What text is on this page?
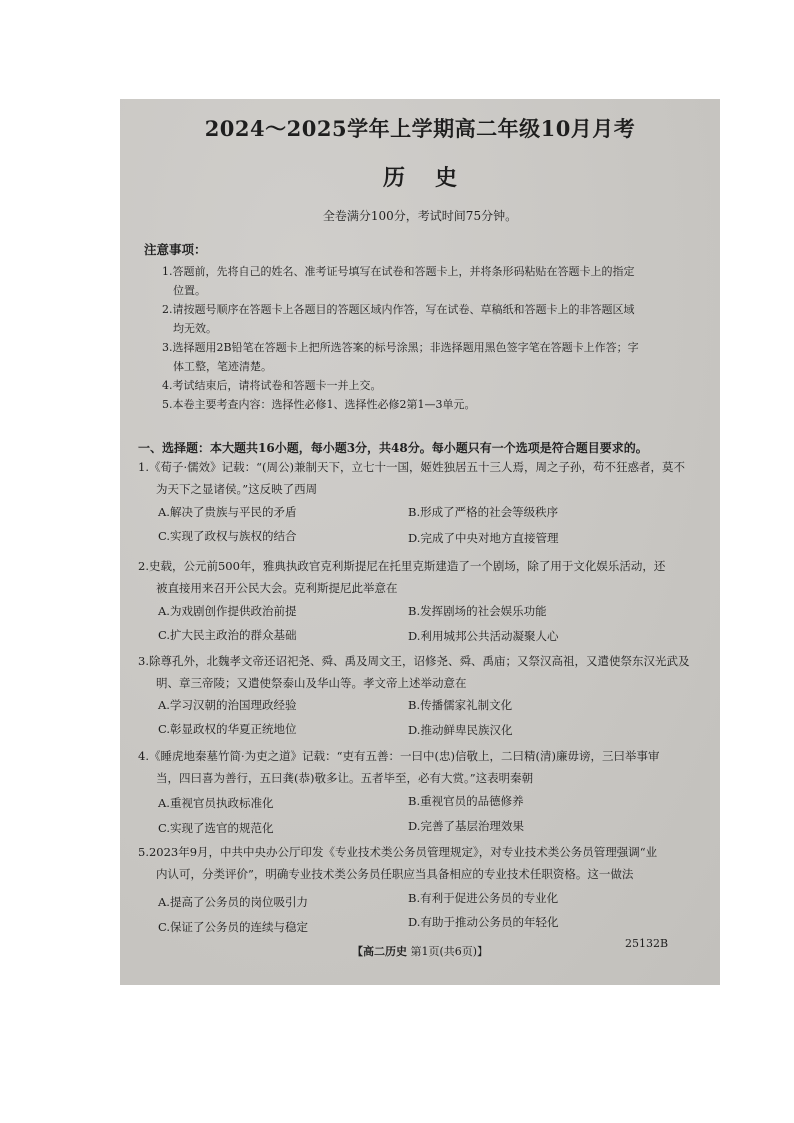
2024～2025学年上学期高二年级10月月考
历史
全卷满分100分，考试时间75分钟。
注意事项：
1.答题前，先将自己的姓名、准考证号填写在试卷和答题卡上，并将条形码粘贴在答题卡上的指定
位置。
2.请按题号顺序在答题卡上各题目的答题区域内作答，写在试卷、草稿纸和答题卡上的非答题区域
均无效。
3.选择题用2B铅笔在答题卡上把所选答案的标号涂黑；非选择题用黑色签字笔在答题卡上作答；字
体工整，笔迹清楚。
4.考试结束后，请将试卷和答题卡一并上交。
5.本卷主要考查内容：选择性必修1、选择性必修2第1—3单元。
一、选择题：本大题共16小题，每小题3分，共48分。每小题只有一个选项是符合题目要求的。
1.《荀子·儒效》记载：“(周公)兼制天下，立七十一国，姬姓独居五十三人焉，周之子孙，苟不狂惑者，莫不
为天下之显诸侯。”这反映了西周
A.解决了贵族与平民的矛盾	B.形成了严格的社会等级秩序
C.实现了政权与族权的结合	D.完成了中央对地方直接管理
2.史载，公元前500年，雅典执政官克利斯提尼在托里克斯建造了一个剧场，除了用于文化娱乐活动，还
被直接用来召开公民大会。克利斯提尼此举意在
A.为戏剧创作提供政治前提	B.发挥剧场的社会娱乐功能
C.扩大民主政治的群众基础	D.利用城邦公共活动凝聚人心
3.除尊孔外，北魏孝文帝还诏祀尧、舜、禹及周文王，诏修尧、舜、禹庙；又祭汉高祖，又遣使祭东汉光武及
明、章三帝陵；又遣使祭泰山及华山等。孝文帝上述举动意在
A.学习汉朝的治国理政经验	B.传播儒家礼制文化
C.彰显政权的华夏正统地位	D.推动鲜卑民族汉化
4.《睡虎地秦墓竹简·为吏之道》记载：“吏有五善：一曰中(忠)信敬上，二曰精(清)廉毋谤，三曰举事审
当，四曰喜为善行，五曰龚(恭)敬多让。五者毕至，必有大赏。”这表明秦朝
A.重视官员执政标准化	B.重视官员的品德修养
C.实现了选官的规范化	D.完善了基层治理效果
5.2023年9月，中共中央办公厅印发《专业技术类公务员管理规定》，对专业技术类公务员管理强调“业
内认可，分类评价”，明确专业技术类公务员任职应当具备相应的专业技术任职资格。这一做法
A.提高了公务员的岗位吸引力	B.有利于促进公务员的专业化
C.保证了公务员的连续与稳定	D.有助于推动公务员的年轻化
【高二历史 第1页(共6页)】
25132B
